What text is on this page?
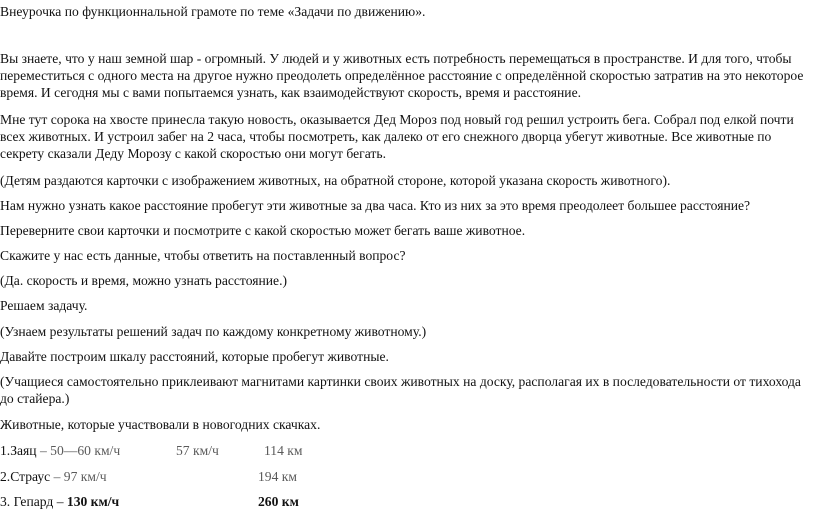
Внеурочка по функционнальной грамоте по теме «Задачи по движению».
Вы знаете, что у наш земной шар - огромный. У людей и у животных есть потребность перемещаться в пространстве. И для того, чтобы переместиться с одного места на другое нужно преодолеть определённое расстояние с определённой скоростью затратив на это некоторое время. И сегодня мы с вами попытаемся узнать, как взаимодействуют скорость, время и расстояние.
Мне тут сорока на хвосте принесла такую новость, оказывается Дед Мороз под новый год решил устроить бега. Собрал под елкой почти всех животных. И устроил забег на 2 часа, чтобы посмотреть, как далеко от его снежного дворца убегут животные. Все животные по секрету сказали Деду Морозу с какой скоростью они могут бегать.
(Детям раздаются карточки с изображением животных, на обратной стороне, которой указана скорость животного).
Нам нужно узнать какое расстояние пробегут эти животные за два часа. Кто из них за это время преодолеет большее расстояние?
Переверните свои карточки и посмотрите с какой скоростью может бегать ваше животное.
Скажите у нас есть данные, чтобы ответить на поставленный вопрос?
(Да. скорость и время, можно узнать расстояние.)
Решаем задачу.
(Узнаем результаты решений задач по каждому конкретному животному.)
Давайте построим шкалу расстояний, которые пробегут животные.
(Учащиеся самостоятельно приклеивают магнитами картинки своих животных на доску, располагая их в последовательности от тихохода до стайера.)
Животные, которые участвовали в новогодних скачках.
1.Заяц – 50—60 км/ч	57 км/ч	114 км
2.Страус – 97 км/ч	194 км
3. Гепард – 130 км/ч	260 км
